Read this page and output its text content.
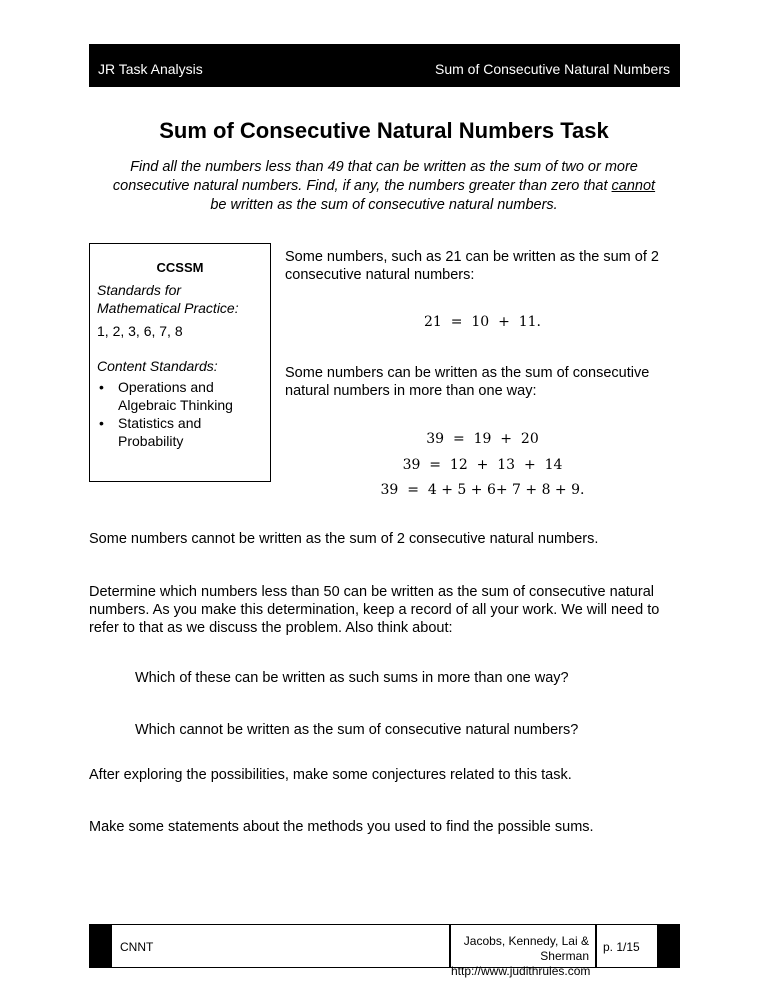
JR Task Analysis	Sum of Consecutive Natural Numbers
Sum of Consecutive Natural Numbers Task
Find all the numbers less than 49 that can be written as the sum of two or more consecutive natural numbers. Find, if any, the numbers greater than zero that cannot be written as the sum of consecutive natural numbers.
CCSSM
Standards for Mathematical Practice:
1, 2, 3, 6, 7, 8
Content Standards:
• Operations and Algebraic Thinking
• Statistics and Probability
Some numbers, such as 21 can be written as the sum of 2 consecutive natural numbers:
21  =  10  +  11.
Some numbers can be written as the sum of consecutive natural numbers in more than one way:
39  =  19  +  20
39  =  12  +  13  +  14
39  =  4 + 5 + 6+ 7 + 8 + 9.
Some numbers cannot be written as the sum of 2 consecutive natural numbers.
Determine which numbers less than 50 can be written as the sum of consecutive natural numbers. As you make this determination, keep a record of all your work. We will need to refer to that as we discuss the problem. Also think about:
Which of these can be written as such sums in more than one way?
Which cannot be written as the sum of consecutive natural numbers?
After exploring the possibilities, make some conjectures related to this task.
Make some statements about the methods you used to find the possible sums.
CNNT	Jacobs, Kennedy, Lai & Sherman
http://www.judithrules.com
p. 1/15
